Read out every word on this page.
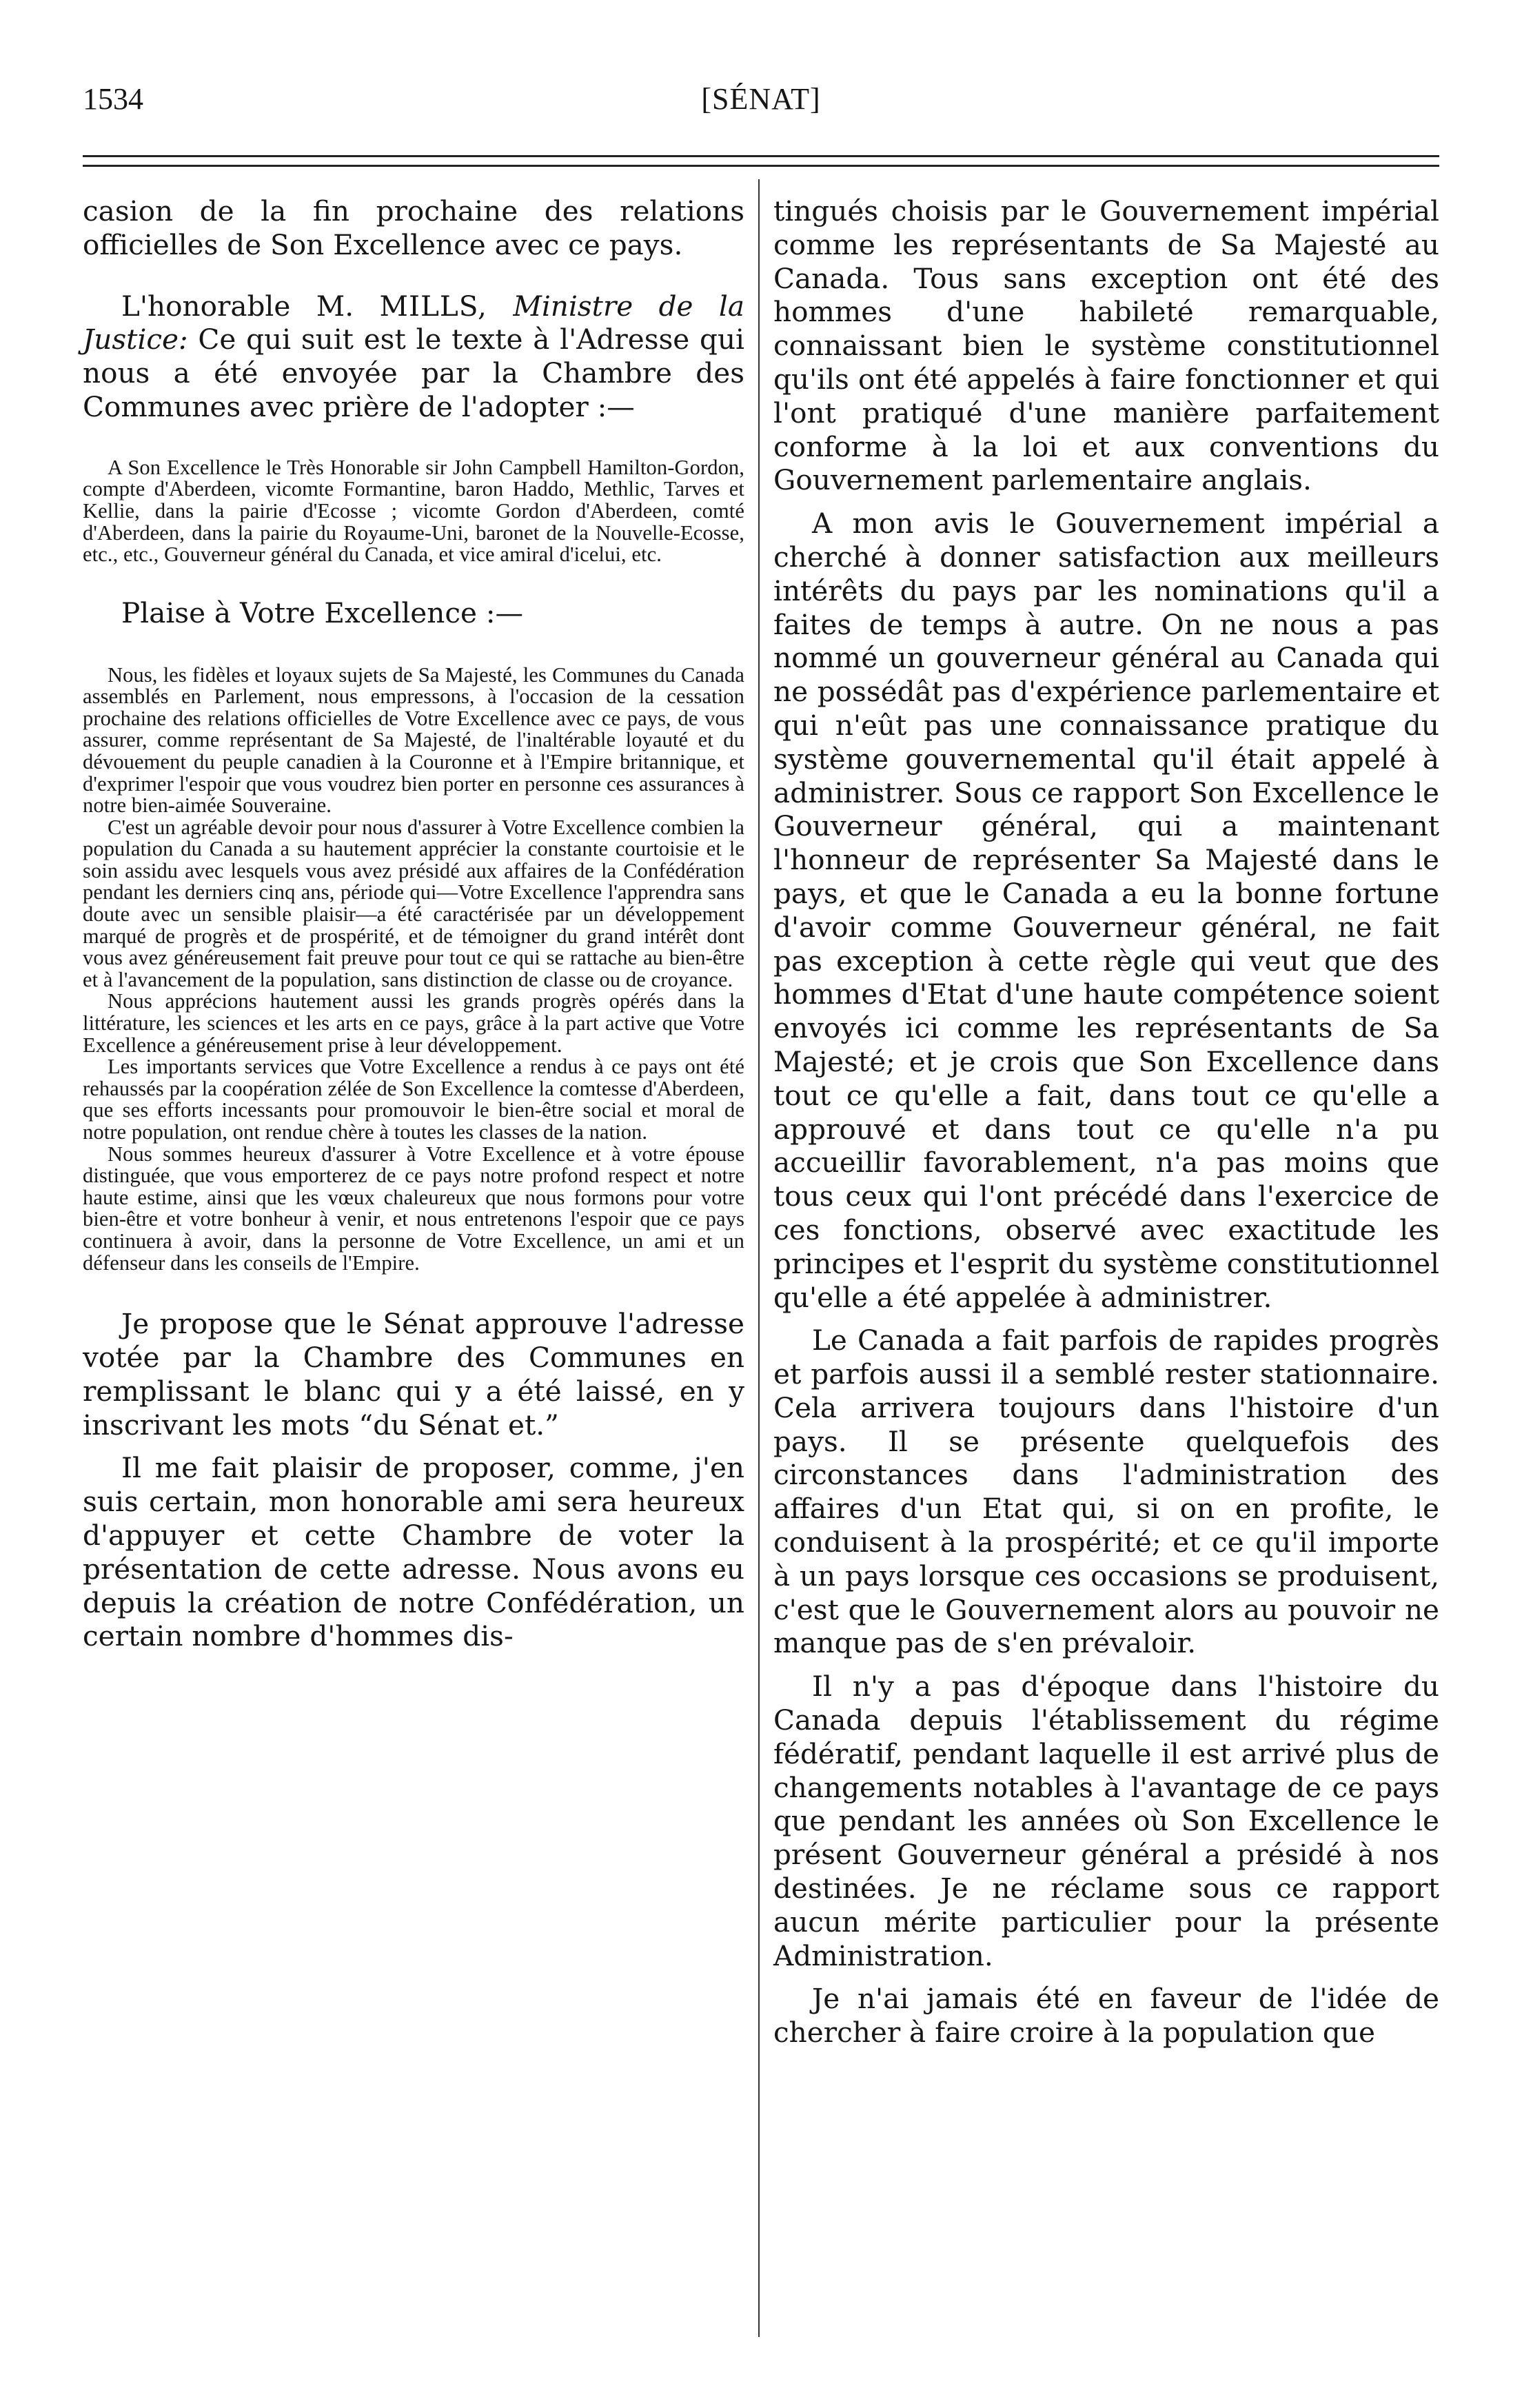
1534	[SÉNAT]

casion de la fin prochaine des relations officielles de Son Excellence avec ce pays.

L'honorable M. MILLS, Ministre de la Justice: Ce qui suit est le texte à l'Adresse qui nous a été envoyée par la Chambre des Communes avec prière de l'adopter :—

A Son Excellence le Très Honorable sir John Campbell Hamilton-Gordon, compte d'Aberdeen, vicomte Formantine, baron Haddo, Methlic, Tarves et Kellie, dans la pairie d'Ecosse ; vicomte Gordon d'Aberdeen, comté d'Aberdeen, dans la pairie du Royaume-Uni, baronet de la Nouvelle-Ecosse, etc., etc., Gouverneur général du Canada, et vice amiral d'icelui, etc.

Plaise à Votre Excellence :—

Nous, les fidèles et loyaux sujets de Sa Majesté, les Communes du Canada assemblés en Parlement, nous empressons, à l'occasion de la cessation prochaine des relations officielles de Votre Excellence avec ce pays, de vous assurer, comme représentant de Sa Majesté, de l'inaltérable loyauté et du dévouement du peuple canadien à la Couronne et à l'Empire britannique, et d'exprimer l'espoir que vous voudrez bien porter en personne ces assurances à notre bien-aimée Souveraine.

C'est un agréable devoir pour nous d'assurer à Votre Excellence combien la population du Canada a su hautement apprécier la constante courtoisie et le soin assidu avec lesquels vous avez présidé aux affaires de la Confédération pendant les derniers cinq ans, période qui—Votre Excellence l'apprendra sans doute avec un sensible plaisir—a été caractérisée par un développement marqué de progrès et de prospérité, et de témoigner du grand intérêt dont vous avez généreusement fait preuve pour tout ce qui se rattache au bien-être et à l'avancement de la population, sans distinction de classe ou de croyance.

Nous apprécions hautement aussi les grands progrès opérés dans la littérature, les sciences et les arts en ce pays, grâce à la part active que Votre Excellence a généreusement prise à leur développement.

Les importants services que Votre Excellence a rendus à ce pays ont été rehaussés par la coopération zélée de Son Excellence la comtesse d'Aberdeen, que ses efforts incessants pour promouvoir le bien-être social et moral de notre population, ont rendue chère à toutes les classes de la nation.

Nous sommes heureux d'assurer à Votre Excellence et à votre épouse distinguée, que vous emporterez de ce pays notre profond respect et notre haute estime, ainsi que les vœux chaleureux que nous formons pour votre bien-être et votre bonheur à venir, et nous entretenons l'espoir que ce pays continuera à avoir, dans la personne de Votre Excellence, un ami et un défenseur dans les conseils de l'Empire.

Je propose que le Sénat approuve l'adresse votée par la Chambre des Communes en remplissant le blanc qui y a été laissé, en y inscrivant les mots “du Sénat et.”

Il me fait plaisir de proposer, comme, j'en suis certain, mon honorable ami sera heureux d'appuyer et cette Chambre de voter la présentation de cette adresse. Nous avons eu depuis la création de notre Confédération, un certain nombre d'hommes dis-

tingués choisis par le Gouvernement impérial comme les représentants de Sa Majesté au Canada. Tous sans exception ont été des hommes d'une habileté remarquable, connaissant bien le système constitutionnel qu'ils ont été appelés à faire fonctionner et qui l'ont pratiqué d'une manière parfaitement conforme à la loi et aux conventions du Gouvernement parlementaire anglais.

A mon avis le Gouvernement impérial a cherché à donner satisfaction aux meilleurs intérêts du pays par les nominations qu'il a faites de temps à autre. On ne nous a pas nommé un gouverneur général au Canada qui ne possédât pas d'expérience parlementaire et qui n'eût pas une connaissance pratique du système gouvernemental qu'il était appelé à administrer. Sous ce rapport Son Excellence le Gouverneur général, qui a maintenant l'honneur de représenter Sa Majesté dans le pays, et que le Canada a eu la bonne fortune d'avoir comme Gouverneur général, ne fait pas exception à cette règle qui veut que des hommes d'Etat d'une haute compétence soient envoyés ici comme les représentants de Sa Majesté; et je crois que Son Excellence dans tout ce qu'elle a fait, dans tout ce qu'elle a approuvé et dans tout ce qu'elle n'a pu accueillir favorablement, n'a pas moins que tous ceux qui l'ont précédé dans l'exercice de ces fonctions, observé avec exactitude les principes et l'esprit du système constitutionnel qu'elle a été appelée à administrer.

Le Canada a fait parfois de rapides progrès et parfois aussi il a semblé rester stationnaire. Cela arrivera toujours dans l'histoire d'un pays. Il se présente quelquefois des circonstances dans l'administration des affaires d'un Etat qui, si on en profite, le conduisent à la prospérité; et ce qu'il importe à un pays lorsque ces occasions se produisent, c'est que le Gouvernement alors au pouvoir ne manque pas de s'en prévaloir.

Il n'y a pas d'époque dans l'histoire du Canada depuis l'établissement du régime fédératif, pendant laquelle il est arrivé plus de changements notables à l'avantage de ce pays que pendant les années où Son Excellence le présent Gouverneur général a présidé à nos destinées. Je ne réclame sous ce rapport aucun mérite particulier pour la présente Administration.

Je n'ai jamais été en faveur de l'idée de chercher à faire croire à la population que
